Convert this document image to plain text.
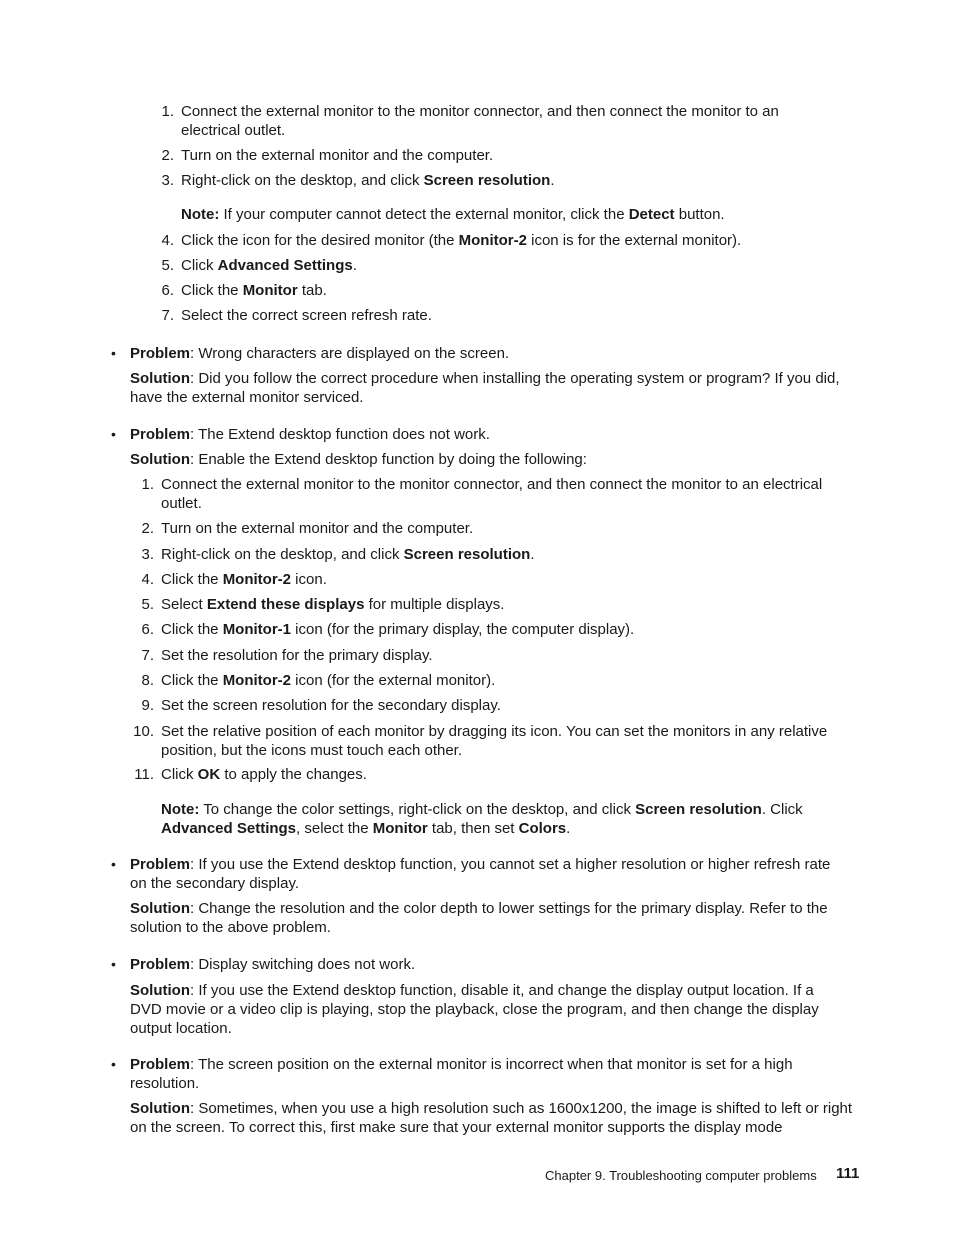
1. Connect the external monitor to the monitor connector, and then connect the monitor to an electrical outlet.
2. Turn on the external monitor and the computer.
3. Right-click on the desktop, and click Screen resolution.
Note: If your computer cannot detect the external monitor, click the Detect button.
4. Click the icon for the desired monitor (the Monitor-2 icon is for the external monitor).
5. Click Advanced Settings.
6. Click the Monitor tab.
7. Select the correct screen refresh rate.
• Problem: Wrong characters are displayed on the screen.
Solution: Did you follow the correct procedure when installing the operating system or program? If you did, have the external monitor serviced.
• Problem: The Extend desktop function does not work.
Solution: Enable the Extend desktop function by doing the following:
1. Connect the external monitor to the monitor connector, and then connect the monitor to an electrical outlet.
2. Turn on the external monitor and the computer.
3. Right-click on the desktop, and click Screen resolution.
4. Click the Monitor-2 icon.
5. Select Extend these displays for multiple displays.
6. Click the Monitor-1 icon (for the primary display, the computer display).
7. Set the resolution for the primary display.
8. Click the Monitor-2 icon (for the external monitor).
9. Set the screen resolution for the secondary display.
10. Set the relative position of each monitor by dragging its icon. You can set the monitors in any relative position, but the icons must touch each other.
11. Click OK to apply the changes.
Note: To change the color settings, right-click on the desktop, and click Screen resolution. Click Advanced Settings, select the Monitor tab, then set Colors.
• Problem: If you use the Extend desktop function, you cannot set a higher resolution or higher refresh rate on the secondary display.
Solution: Change the resolution and the color depth to lower settings for the primary display. Refer to the solution to the above problem.
• Problem: Display switching does not work.
Solution: If you use the Extend desktop function, disable it, and change the display output location. If a DVD movie or a video clip is playing, stop the playback, close the program, and then change the display output location.
• Problem: The screen position on the external monitor is incorrect when that monitor is set for a high resolution.
Solution: Sometimes, when you use a high resolution such as 1600x1200, the image is shifted to left or right on the screen. To correct this, first make sure that your external monitor supports the display mode
Chapter 9. Troubleshooting computer problems 111
